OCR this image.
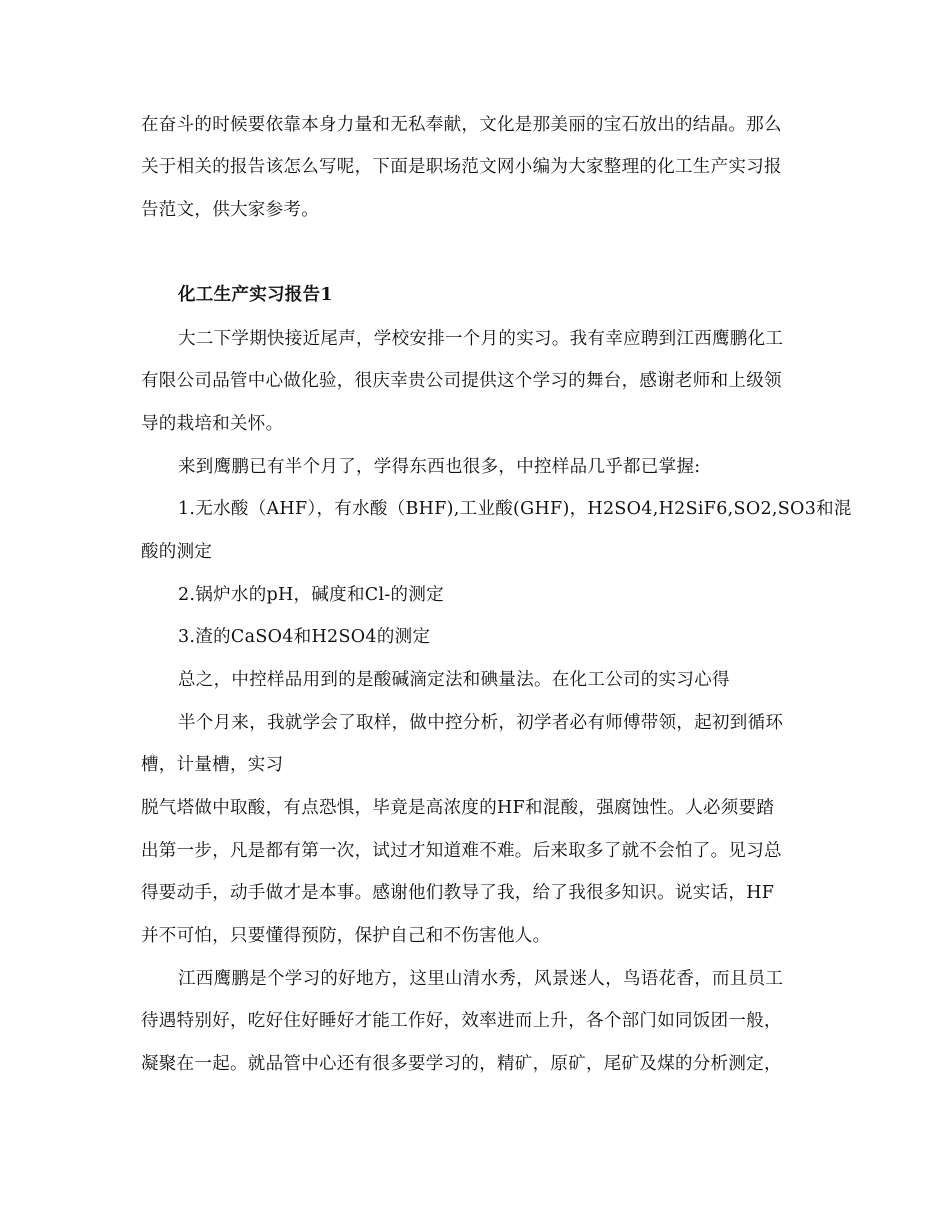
在奋斗的时候要依靠本身力量和无私奉献，文化是那美丽的宝石放出的结晶。那么
关于相关的报告该怎么写呢，下面是职场范文网小编为大家整理的化工生产实习报
告范文，供大家参考。
化工生产实习报告1
大二下学期快接近尾声，学校安排一个月的实习。我有幸应聘到江西鹰鹏化工
有限公司品管中心做化验，很庆幸贵公司提供这个学习的舞台，感谢老师和上级领
导的栽培和关怀。
来到鹰鹏已有半个月了，学得东西也很多，中控样品几乎都已掌握:
1.无水酸（AHF），有水酸（BHF),工业酸(GHF)，H2SO4,H2SiF6,SO2,SO3和混
酸的测定
2.锅炉水的pH，碱度和Cl-的测定
3.渣的CaSO4和H2SO4的测定
总之，中控样品用到的是酸碱滴定法和碘量法。在化工公司的实习心得
半个月来，我就学会了取样，做中控分析，初学者必有师傅带领，起初到循环
槽，计量槽，实习
脱气塔做中取酸，有点恐惧，毕竟是高浓度的HF和混酸，强腐蚀性。人必须要踏
出第一步，凡是都有第一次，试过才知道难不难。后来取多了就不会怕了。见习总
得要动手，动手做才是本事。感谢他们教导了我，给了我很多知识。说实话，HF
并不可怕，只要懂得预防，保护自己和不伤害他人。
江西鹰鹏是个学习的好地方，这里山清水秀，风景迷人，鸟语花香，而且员工
待遇特别好，吃好住好睡好才能工作好，效率进而上升，各个部门如同饭团一般，
凝聚在一起。就品管中心还有很多要学习的，精矿，原矿，尾矿及煤的分析测定，
